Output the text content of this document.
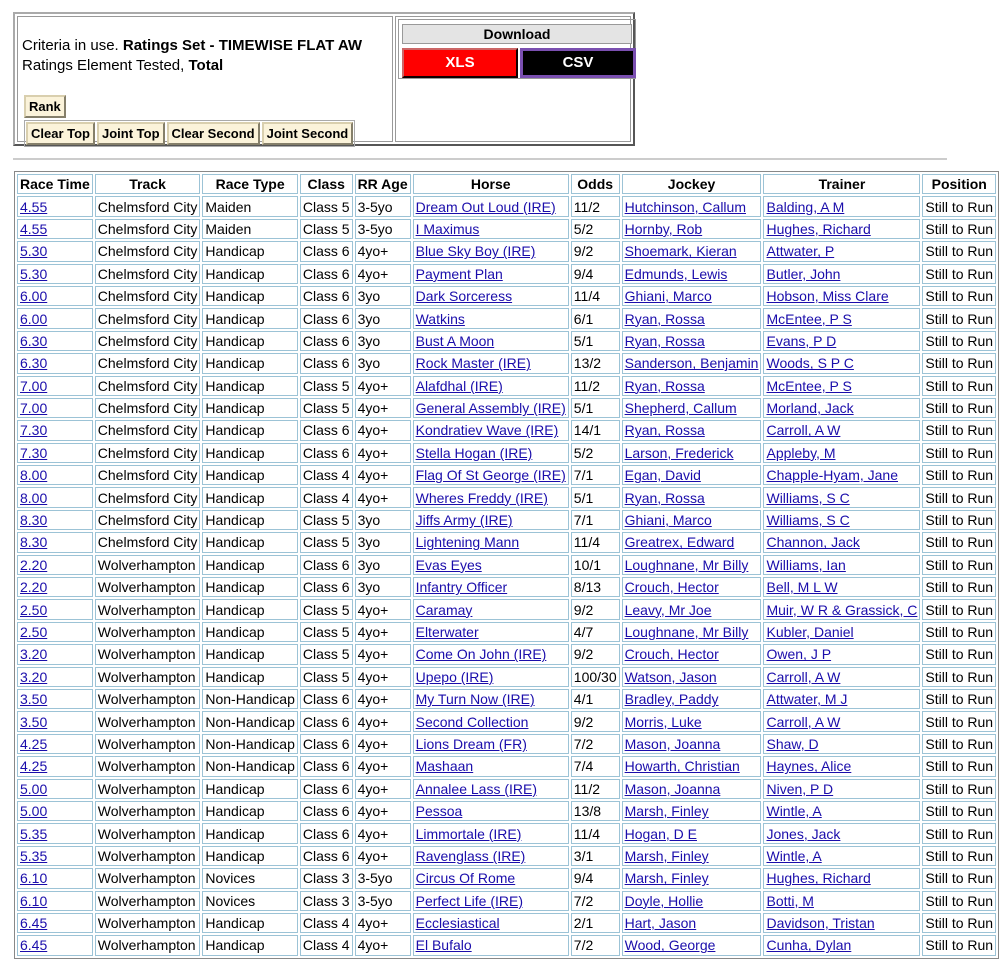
Criteria in use. Ratings Set - TIMEWISE FLAT AW
Ratings Element Tested, Total
Rank
Clear Top Joint Top Clear Second Joint Second
Download
XLS	CSV
Race Time	Track	Race Type	Class	RR Age	Horse	Odds	Jockey	Trainer	Position
4.55	Chelmsford City	Maiden	Class 5	3-5yo	Dream Out Loud (IRE)	11/2	Hutchinson, Callum	Balding, A M	Still to Run
4.55	Chelmsford City	Maiden	Class 5	3-5yo	I Maximus	5/2	Hornby, Rob	Hughes, Richard	Still to Run
5.30	Chelmsford City	Handicap	Class 6	4yo+	Blue Sky Boy (IRE)	9/2	Shoemark, Kieran	Attwater, P	Still to Run
5.30	Chelmsford City	Handicap	Class 6	4yo+	Payment Plan	9/4	Edmunds, Lewis	Butler, John	Still to Run
6.00	Chelmsford City	Handicap	Class 6	3yo	Dark Sorceress	11/4	Ghiani, Marco	Hobson, Miss Clare	Still to Run
6.00	Chelmsford City	Handicap	Class 6	3yo	Watkins	6/1	Ryan, Rossa	McEntee, P S	Still to Run
6.30	Chelmsford City	Handicap	Class 6	3yo	Bust A Moon	5/1	Ryan, Rossa	Evans, P D	Still to Run
6.30	Chelmsford City	Handicap	Class 6	3yo	Rock Master (IRE)	13/2	Sanderson, Benjamin	Woods, S P C	Still to Run
7.00	Chelmsford City	Handicap	Class 5	4yo+	Alafdhal (IRE)	11/2	Ryan, Rossa	McEntee, P S	Still to Run
7.00	Chelmsford City	Handicap	Class 5	4yo+	General Assembly (IRE)	5/1	Shepherd, Callum	Morland, Jack	Still to Run
7.30	Chelmsford City	Handicap	Class 6	4yo+	Kondratiev Wave (IRE)	14/1	Ryan, Rossa	Carroll, A W	Still to Run
7.30	Chelmsford City	Handicap	Class 6	4yo+	Stella Hogan (IRE)	5/2	Larson, Frederick	Appleby, M	Still to Run
8.00	Chelmsford City	Handicap	Class 4	4yo+	Flag Of St George (IRE)	7/1	Egan, David	Chapple-Hyam, Jane	Still to Run
8.00	Chelmsford City	Handicap	Class 4	4yo+	Wheres Freddy (IRE)	5/1	Ryan, Rossa	Williams, S C	Still to Run
8.30	Chelmsford City	Handicap	Class 5	3yo	Jiffs Army (IRE)	7/1	Ghiani, Marco	Williams, S C	Still to Run
8.30	Chelmsford City	Handicap	Class 5	3yo	Lightening Mann	11/4	Greatrex, Edward	Channon, Jack	Still to Run
2.20	Wolverhampton	Handicap	Class 6	3yo	Evas Eyes	10/1	Loughnane, Mr Billy	Williams, Ian	Still to Run
2.20	Wolverhampton	Handicap	Class 6	3yo	Infantry Officer	8/13	Crouch, Hector	Bell, M L W	Still to Run
2.50	Wolverhampton	Handicap	Class 5	4yo+	Caramay	9/2	Leavy, Mr Joe	Muir, W R & Grassick, C	Still to Run
2.50	Wolverhampton	Handicap	Class 5	4yo+	Elterwater	4/7	Loughnane, Mr Billy	Kubler, Daniel	Still to Run
3.20	Wolverhampton	Handicap	Class 5	4yo+	Come On John (IRE)	9/2	Crouch, Hector	Owen, J P	Still to Run
3.20	Wolverhampton	Handicap	Class 5	4yo+	Upepo (IRE)	100/30	Watson, Jason	Carroll, A W	Still to Run
3.50	Wolverhampton	Non-Handicap	Class 6	4yo+	My Turn Now (IRE)	4/1	Bradley, Paddy	Attwater, M J	Still to Run
3.50	Wolverhampton	Non-Handicap	Class 6	4yo+	Second Collection	9/2	Morris, Luke	Carroll, A W	Still to Run
4.25	Wolverhampton	Non-Handicap	Class 6	4yo+	Lions Dream (FR)	7/2	Mason, Joanna	Shaw, D	Still to Run
4.25	Wolverhampton	Non-Handicap	Class 6	4yo+	Mashaan	7/4	Howarth, Christian	Haynes, Alice	Still to Run
5.00	Wolverhampton	Handicap	Class 6	4yo+	Annalee Lass (IRE)	11/2	Mason, Joanna	Niven, P D	Still to Run
5.00	Wolverhampton	Handicap	Class 6	4yo+	Pessoa	13/8	Marsh, Finley	Wintle, A	Still to Run
5.35	Wolverhampton	Handicap	Class 6	4yo+	Limmortale (IRE)	11/4	Hogan, D E	Jones, Jack	Still to Run
5.35	Wolverhampton	Handicap	Class 6	4yo+	Ravenglass (IRE)	3/1	Marsh, Finley	Wintle, A	Still to Run
6.10	Wolverhampton	Novices	Class 3	3-5yo	Circus Of Rome	9/4	Marsh, Finley	Hughes, Richard	Still to Run
6.10	Wolverhampton	Novices	Class 3	3-5yo	Perfect Life (IRE)	7/2	Doyle, Hollie	Botti, M	Still to Run
6.45	Wolverhampton	Handicap	Class 4	4yo+	Ecclesiastical	2/1	Hart, Jason	Davidson, Tristan	Still to Run
6.45	Wolverhampton	Handicap	Class 4	4yo+	El Bufalo	7/2	Wood, George	Cunha, Dylan	Still to Run
